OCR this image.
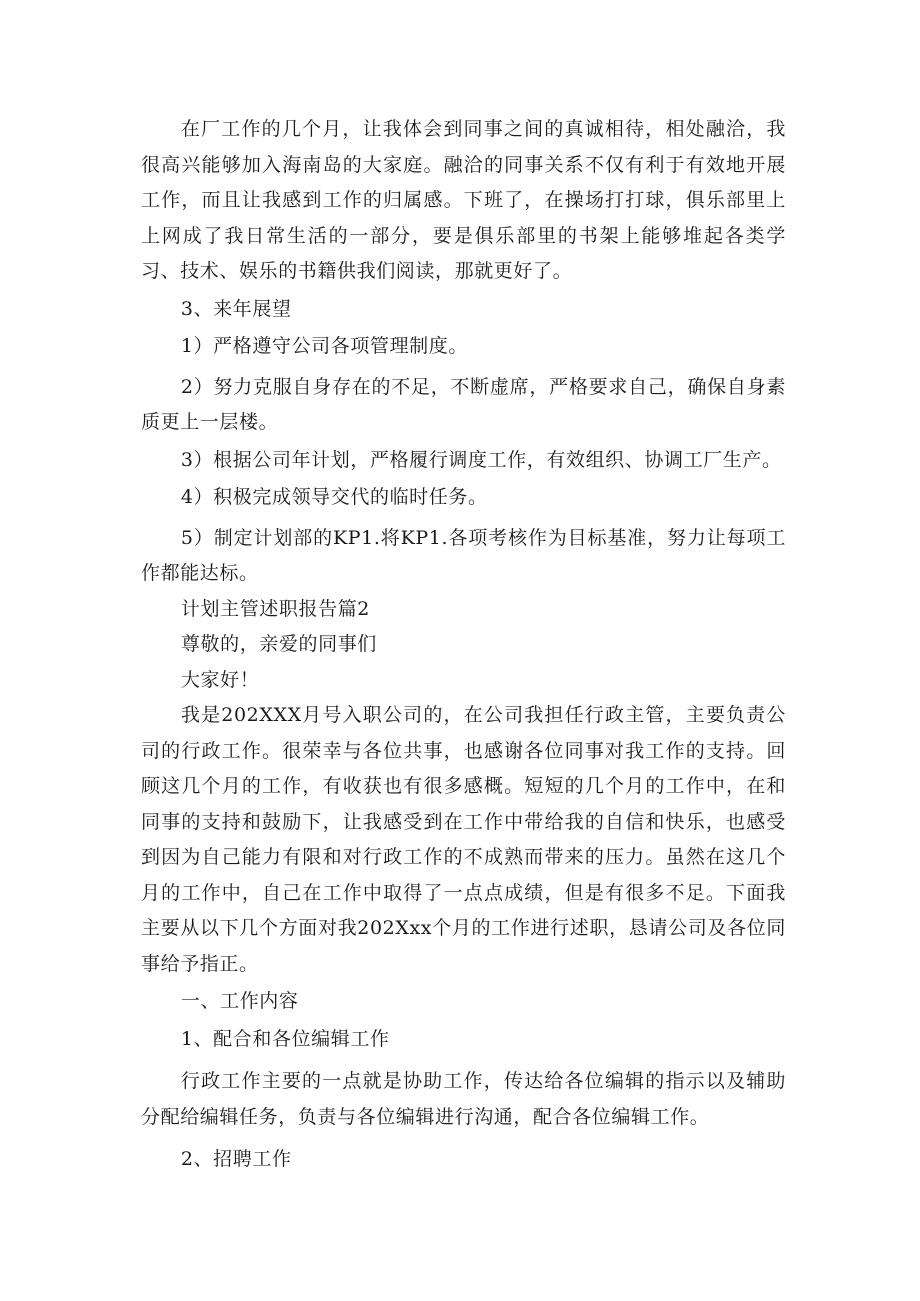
在厂工作的几个月，让我体会到同事之间的真诚相待，相处融洽，我很高兴能够加入海南岛的大家庭。融洽的同事关系不仅有利于有效地开展工作，而且让我感到工作的归属感。下班了，在操场打打球，俱乐部里上上网成了我日常生活的一部分，要是俱乐部里的书架上能够堆起各类学习、技术、娱乐的书籍供我们阅读，那就更好了。

3、来年展望

1）严格遵守公司各项管理制度。

2）努力克服自身存在的不足，不断虚席，严格要求自己，确保自身素质更上一层楼。

3）根据公司年计划，严格履行调度工作，有效组织、协调工厂生产。

4）积极完成领导交代的临时任务。

5）制定计划部的KP1.将KP1.各项考核作为目标基准，努力让每项工作都能达标。

计划主管述职报告篇2

尊敬的，亲爱的同事们

大家好！

我是202XXX月号入职公司的，在公司我担任行政主管，主要负责公司的行政工作。很荣幸与各位共事，也感谢各位同事对我工作的支持。回顾这几个月的工作，有收获也有很多感概。短短的几个月的工作中，在和同事的支持和鼓励下，让我感受到在工作中带给我的自信和快乐，也感受到因为自己能力有限和对行政工作的不成熟而带来的压力。虽然在这几个月的工作中，自己在工作中取得了一点点成绩，但是有很多不足。下面我主要从以下几个方面对我202Xxx个月的工作进行述职，恳请公司及各位同事给予指正。

一、工作内容

1、配合和各位编辑工作

行政工作主要的一点就是协助工作，传达给各位编辑的指示以及辅助分配给编辑任务，负责与各位编辑进行沟通，配合各位编辑工作。

2、招聘工作
